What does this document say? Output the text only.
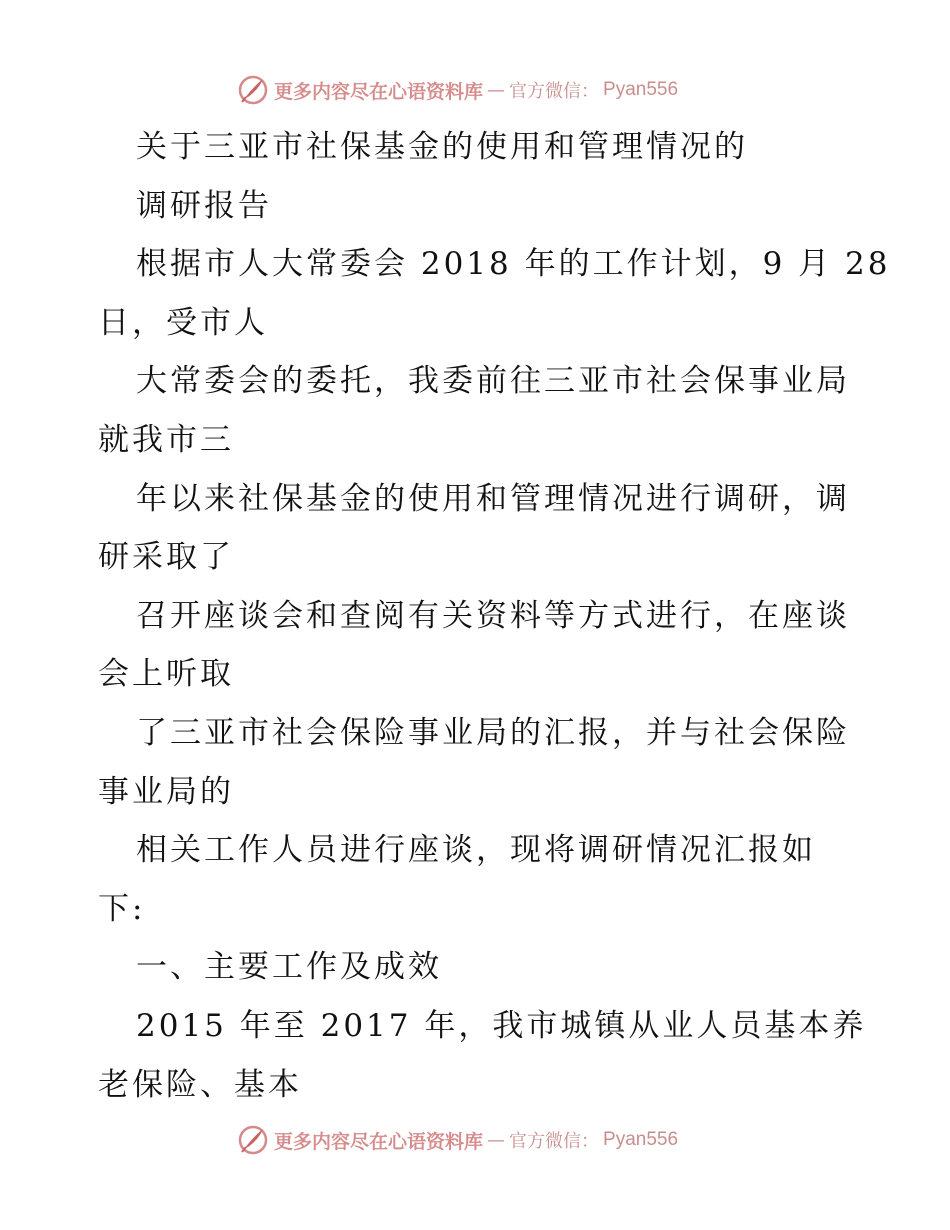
更多内容尽在心语资料库 — 官方微信： Pyan556
关于三亚市社保基金的使用和管理情况的
调研报告
根据市人大常委会 2018 年的工作计划，9 月 28
日，受市人
大常委会的委托，我委前往三亚市社会保事业局
就我市三
年以来社保基金的使用和管理情况进行调研，调
研采取了
召开座谈会和查阅有关资料等方式进行，在座谈
会上听取
了三亚市社会保险事业局的汇报，并与社会保险
事业局的
相关工作人员进行座谈，现将调研情况汇报如
下:
一、主要工作及成效
2015 年至 2017 年，我市城镇从业人员基本养
老保险、基本
更多内容尽在心语资料库 — 官方微信： Pyan556
